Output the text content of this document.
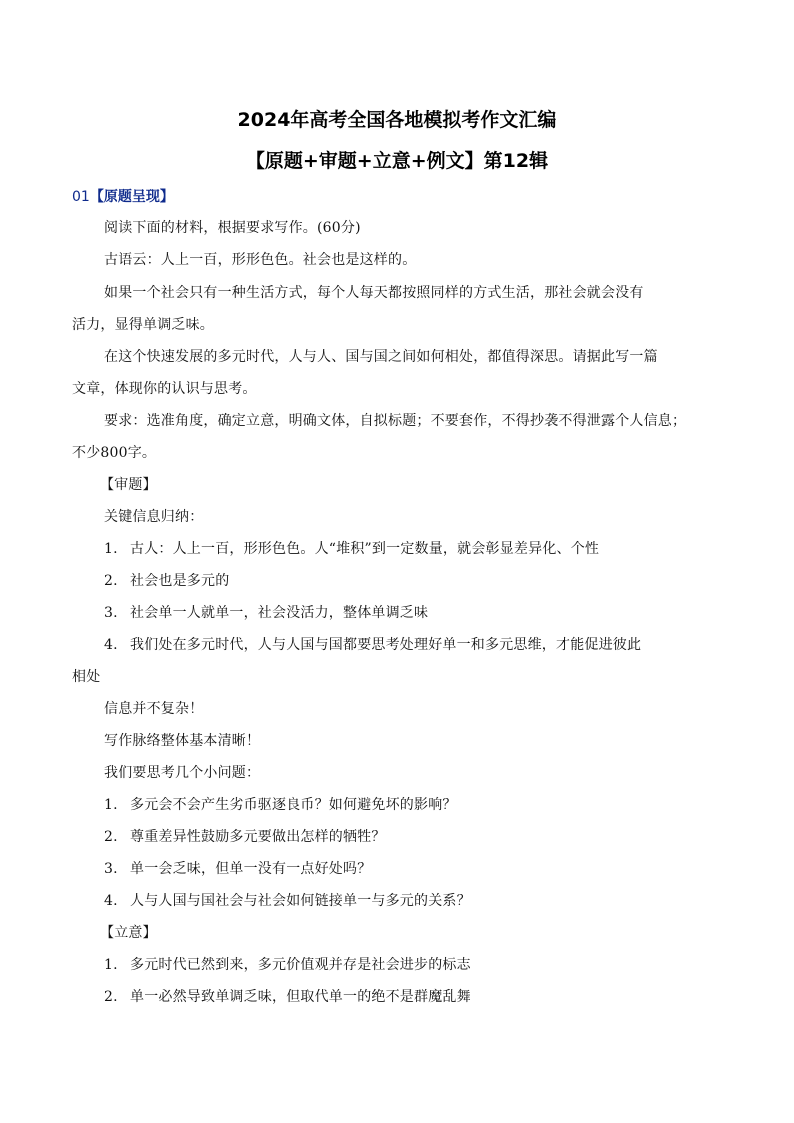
2024年高考全国各地模拟考作文汇编
【原题+审题+立意+例文】第12辑
01【原题呈现】
阅读下面的材料，根据要求写作。(60分)
古语云：人上一百，形形色色。社会也是这样的。
如果一个社会只有一种生活方式，每个人每天都按照同样的方式生活，那社会就会没有
活力，显得单调乏味。
在这个快速发展的多元时代，人与人、国与国之间如何相处，都值得深思。请据此写一篇
文章，体现你的认识与思考。
要求：选准角度，确定立意，明确文体，自拟标题；不要套作，不得抄袭不得泄露个人信息；
不少800字。
【审题】
关键信息归纳：
1. 古人：人上一百，形形色色。人“堆积”到一定数量，就会彰显差异化、个性
2. 社会也是多元的
3. 社会单一人就单一，社会没活力，整体单调乏味
4. 我们处在多元时代，人与人国与国都要思考处理好单一和多元思维，才能促进彼此
相处
信息并不复杂！
写作脉络整体基本清晰！
我们要思考几个小问题：
1. 多元会不会产生劣币驱逐良币？如何避免坏的影响？
2. 尊重差异性鼓励多元要做出怎样的牺牲？
3. 单一会乏味，但单一没有一点好处吗？
4. 人与人国与国社会与社会如何链接单一与多元的关系？
【立意】
1. 多元时代已然到来，多元价值观并存是社会进步的标志
2. 单一必然导致单调乏味，但取代单一的绝不是群魔乱舞
